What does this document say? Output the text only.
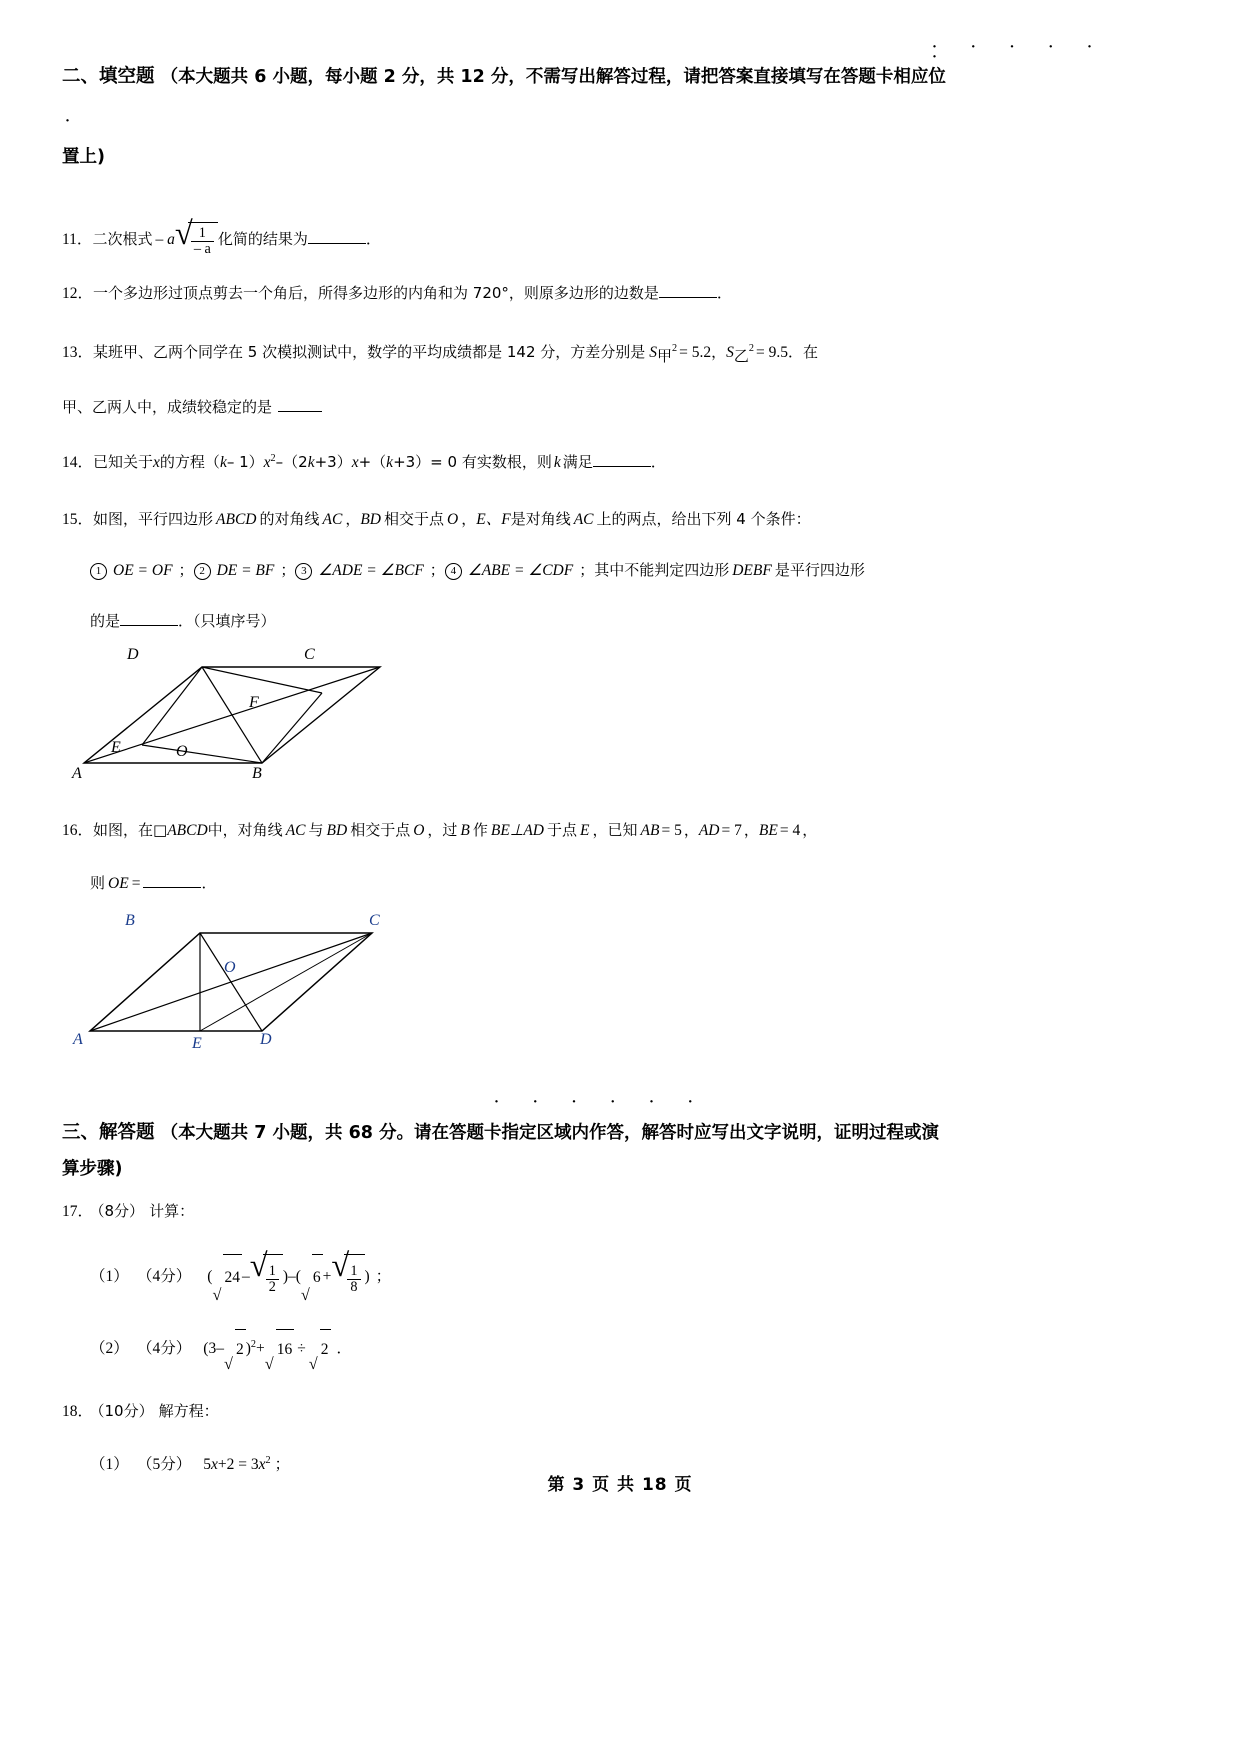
· · · · · ·
二、填空题 （本大题共 6 小题，每小题 2 分，共 12 分，不需写出解答过程，请把答案直接填写在答题卡相应位
·
置上)
11．二次根式 – a √
$\frac{1}{- a}$ 化简的结果为	．
12．一个多边形过顶点剪去一个角后，所得多边形的内角和为 720°，则原多边形的边数是	．
13．某班甲、乙两个同学在 5 次模拟测试中，数学的平均成绩都是 142 分，方差分别是 $S_甲^2 = 5.2$，$S_乙^2 = 9.5$．在
甲、乙两人中，成绩较稳定的是
14．已知关于x的方程（k– $1)x^2-(2k+3)x+(k+3)= 0$ 有实数根，则 k 满足	．
15．如图，平行四边形 ABCD 的对角线 AC ，BD 相交于点 O ，E、F是对角线 AC 上的两点，给出下列 4 个条件：
1 OE = OF ； 2 DE = BF ； 3 ∠ADE = ∠BCF ； 4 ∠ABE = ∠CDF ；其中不能判定四边形 DEBF 是平行四边形
的是	．（只填序号）
D	C
F
E	O
A	B
16．如图，在□ABCD中，对角线 AC 与 BD 相交于点 O ，过 B 作 BE⊥AD 于点 E ，已知 AB = 5 ，AD = 7 ，BE = 4 ，
则 OE =	．
B	C
O
A	E	D
· · · · · ·
三、解答题 （本大题共 7 小题，共 68 分。请在答题卡指定区域内作答，解答时应写出文字说明，证明过程或演
算步骤)
17． （8分） 计算：
（1） （4分） (
√
24 – √
$\frac{1}{2}$ )–(
√
6 + √
$\frac{1}{8}$ ) ；
（2） （4分） (3–
√
2 )$^2$+
√
16 ÷
√
2 ．
18． （10分） 解方程：
（1） （5分） $5x+2 = 3x^2$ ；
第 3 页 共 18 页
